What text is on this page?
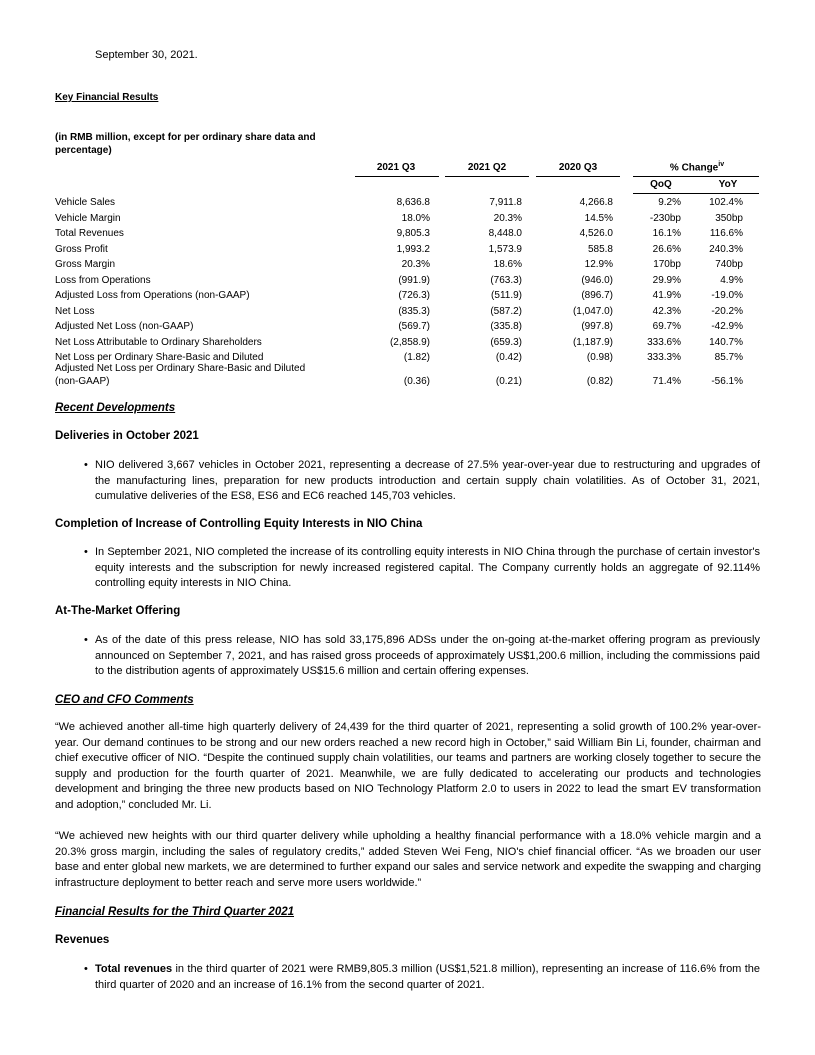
September 30, 2021.
Key Financial Results
(in RMB million, except for per ordinary share data and percentage)
2021 Q3	2021 Q2	2020 Q3	% Change$^{iv}$
QoQ	YoY
Vehicle Sales	8,636.8	7,911.8	4,266.8	9.2%	102.4%
Vehicle Margin	18.0%	20.3%	14.5%	-230bp	350bp
Total Revenues	9,805.3	8,448.0	4,526.0	16.1%	116.6%
Gross Profit	1,993.2	1,573.9	585.8	26.6%	240.3%
Gross Margin	20.3%	18.6%	12.9%	170bp	740bp
Loss from Operations	(991.9)	(763.3)	(946.0)	29.9%	4.9%
Adjusted Loss from Operations (non-GAAP)	(726.3)	(511.9)	(896.7)	41.9%	-19.0%
Net Loss	(835.3)	(587.2)	(1,047.0)	42.3%	-20.2%
Adjusted Net Loss (non-GAAP)	(569.7)	(335.8)	(997.8)	69.7%	-42.9%
Net Loss Attributable to Ordinary Shareholders	(2,858.9)	(659.3)	(1,187.9)	333.6%	140.7%
Net Loss per Ordinary Share-Basic and Diluted	(1.82)	(0.42)	(0.98)	333.3%	85.7%
Adjusted Net Loss per Ordinary Share-Basic and Diluted
(non-GAAP)	(0.36)	(0.21)	(0.82)	71.4%	-56.1%
Recent Developments
Deliveries in October 2021
• NIO delivered 3,667 vehicles in October 2021, representing a decrease of 27.5% year-over-year due to restructuring and upgrades of the manufacturing lines, preparation for new products introduction and certain supply chain volatilities. As of October 31, 2021, cumulative deliveries of the ES8, ES6 and EC6 reached 145,703 vehicles.
Completion of Increase of Controlling Equity Interests in NIO China
• In September 2021, NIO completed the increase of its controlling equity interests in NIO China through the purchase of certain investor's equity interests and the subscription for newly increased registered capital. The Company currently holds an aggregate of 92.114% controlling equity interests in NIO China.
At-The-Market Offering
• As of the date of this press release, NIO has sold 33,175,896 ADSs under the on-going at-the-market offering program as previously announced on September 7, 2021, and has raised gross proceeds of approximately US$1,200.6 million, including the commissions paid to the distribution agents of approximately US$15.6 million and certain offering expenses.
CEO and CFO Comments
“We achieved another all-time high quarterly delivery of 24,439 for the third quarter of 2021, representing a solid growth of 100.2% year-over-year. Our demand continues to be strong and our new orders reached a new record high in October,” said William Bin Li, founder, chairman and chief executive officer of NIO. “Despite the continued supply chain volatilities, our teams and partners are working closely together to secure the supply and production for the fourth quarter of 2021. Meanwhile, we are fully dedicated to accelerating our products and technologies development and bringing the three new products based on NIO Technology Platform 2.0 to users in 2022 to lead the smart EV transformation and adoption,” concluded Mr. Li.
“We achieved new heights with our third quarter delivery while upholding a healthy financial performance with a 18.0% vehicle margin and a 20.3% gross margin, including the sales of regulatory credits,” added Steven Wei Feng, NIO's chief financial officer. “As we broaden our user base and enter global new markets, we are determined to further expand our sales and service network and expedite the swapping and charging infrastructure deployment to better reach and serve more users worldwide.”
Financial Results for the Third Quarter 2021
Revenues
• Total revenues in the third quarter of 2021 were RMB9,805.3 million (US$1,521.8 million), representing an increase of 116.6% from the third quarter of 2020 and an increase of 16.1% from the second quarter of 2021.
